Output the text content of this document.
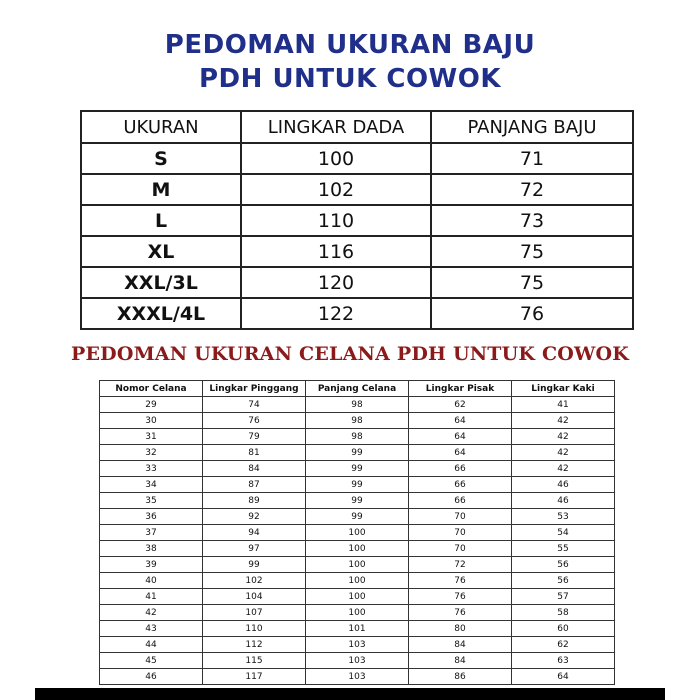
PEDOMAN UKURAN BAJU
PDH UNTUK COWOK
UKURAN	LINGKAR DADA	PANJANG BAJU
S	100	71
M	102	72
L	110	73
XL	116	75
XXL/3L	120	75
XXXL/4L	122	76
PEDOMAN UKURAN CELANA PDH UNTUK COWOK
Nomor Celana	Lingkar Pinggang	Panjang Celana	Lingkar Pisak	Lingkar Kaki
29	74	98	62	41
30	76	98	64	42
31	79	98	64	42
32	81	99	64	42
33	84	99	66	42
34	87	99	66	46
35	89	99	66	46
36	92	99	70	53
37	94	100	70	54
38	97	100	70	55
39	99	100	72	56
40	102	100	76	56
41	104	100	76	57
42	107	100	76	58
43	110	101	80	60
44	112	103	84	62
45	115	103	84	63
46	117	103	86	64
